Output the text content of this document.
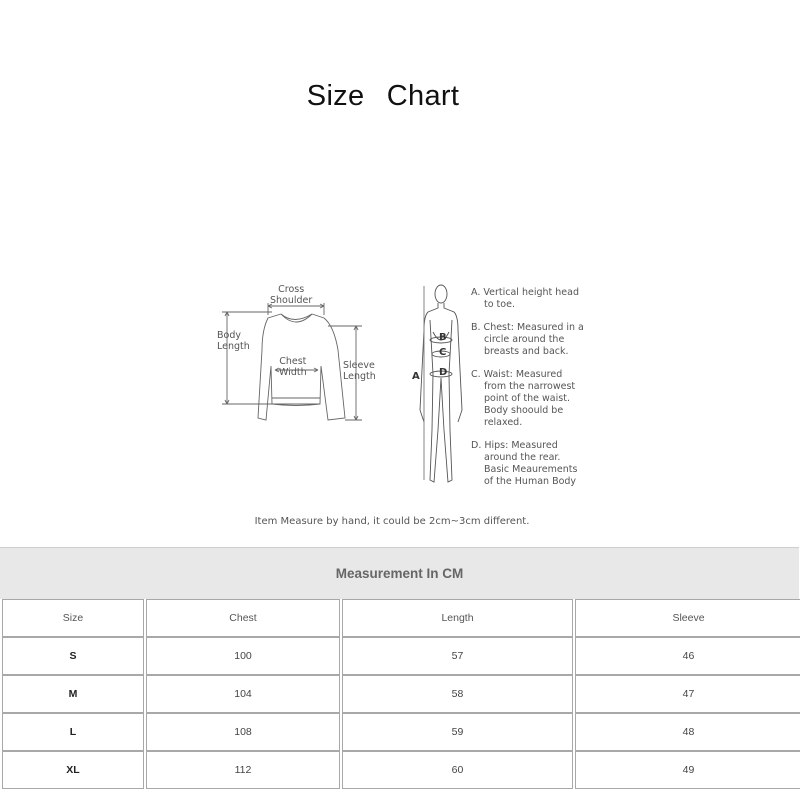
Size Chart
Cross
Shoulder
Body
Length
Chest
Width
Sleeve
Length
B
C
A D
A. Vertical height head
to toe.
B. Chest: Measured in a
circle around the
breasts and back.
C. Waist: Measured
from the narrowest
point of the waist.
Body shoould be
relaxed.
D. Hips: Measured
around the rear.
Basic Meaurements
of the Human Body
Item Measure by hand, it could be 2cm~3cm different.
Measurement In CM
Size	Chest	Length	Sleeve

S	100	57	46

M	104	58	47

L	108	59	48

XL	112	60	49
